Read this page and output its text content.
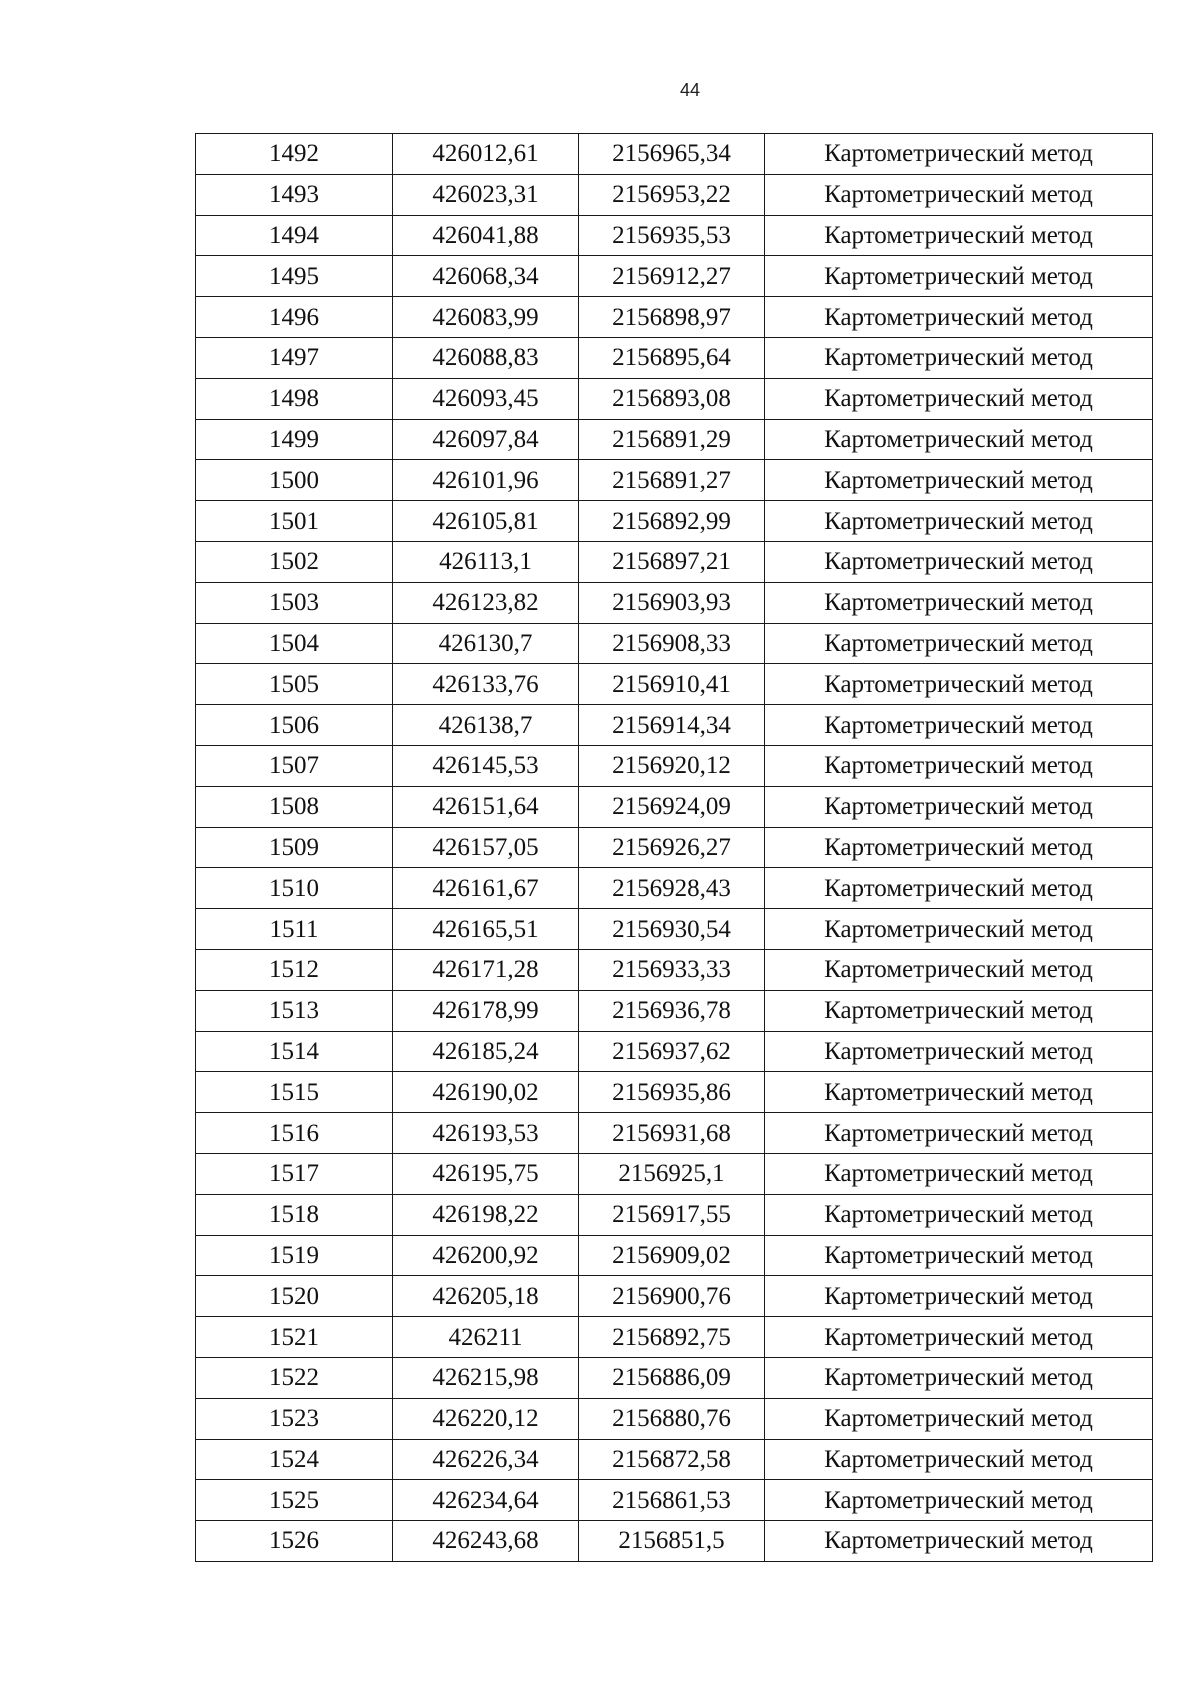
44
1492	426012,61	2156965,34	Картометрический метод
1493	426023,31	2156953,22	Картометрический метод
1494	426041,88	2156935,53	Картометрический метод
1495	426068,34	2156912,27	Картометрический метод
1496	426083,99	2156898,97	Картометрический метод
1497	426088,83	2156895,64	Картометрический метод
1498	426093,45	2156893,08	Картометрический метод
1499	426097,84	2156891,29	Картометрический метод
1500	426101,96	2156891,27	Картометрический метод
1501	426105,81	2156892,99	Картометрический метод
1502	426113,1	2156897,21	Картометрический метод
1503	426123,82	2156903,93	Картометрический метод
1504	426130,7	2156908,33	Картометрический метод
1505	426133,76	2156910,41	Картометрический метод
1506	426138,7	2156914,34	Картометрический метод
1507	426145,53	2156920,12	Картометрический метод
1508	426151,64	2156924,09	Картометрический метод
1509	426157,05	2156926,27	Картометрический метод
1510	426161,67	2156928,43	Картометрический метод
1511	426165,51	2156930,54	Картометрический метод
1512	426171,28	2156933,33	Картометрический метод
1513	426178,99	2156936,78	Картометрический метод
1514	426185,24	2156937,62	Картометрический метод
1515	426190,02	2156935,86	Картометрический метод
1516	426193,53	2156931,68	Картометрический метод
1517	426195,75	2156925,1	Картометрический метод
1518	426198,22	2156917,55	Картометрический метод
1519	426200,92	2156909,02	Картометрический метод
1520	426205,18	2156900,76	Картометрический метод
1521	426211	2156892,75	Картометрический метод
1522	426215,98	2156886,09	Картометрический метод
1523	426220,12	2156880,76	Картометрический метод
1524	426226,34	2156872,58	Картометрический метод
1525	426234,64	2156861,53	Картометрический метод
1526	426243,68	2156851,5	Картометрический метод
